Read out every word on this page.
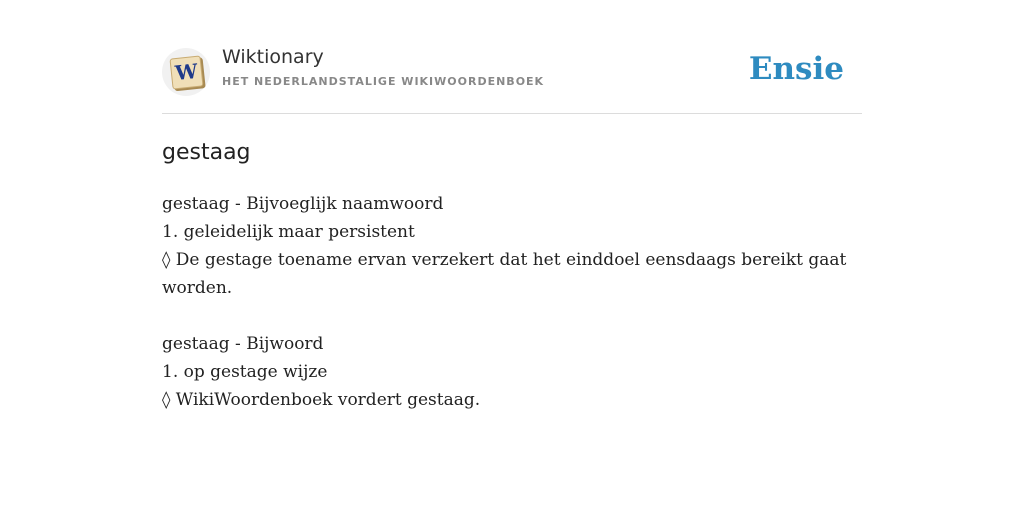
W
Wiktionary
HET NEDERLANDSTALIGE WIKIWOORDENBOEK	Ensie
gestaag
gestaag - Bijvoeglijk naamwoord
1. geleidelijk maar persistent
◊ De gestage toename ervan verzekert dat het einddoel eensdaags bereikt gaat worden.
gestaag - Bijwoord
1. op gestage wijze
◊ WikiWoordenboek vordert gestaag.
